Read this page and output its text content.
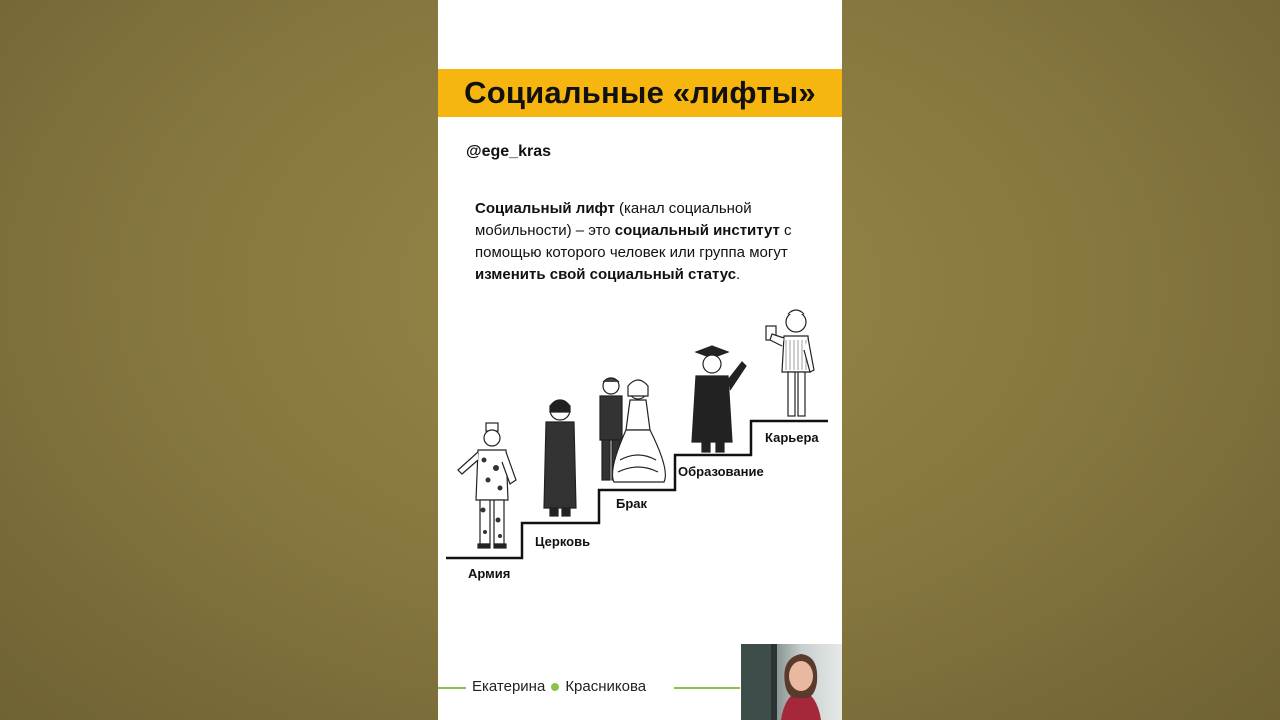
Социальные «лифты»
@ege_kras
Социальный лифт (канал социальной мобильности) – это социальный институт с помощью которого человек или группа могут изменить свой социальный статус.
Армия
Церковь
Брак
Образование
Карьера
Екатерина Красникова
